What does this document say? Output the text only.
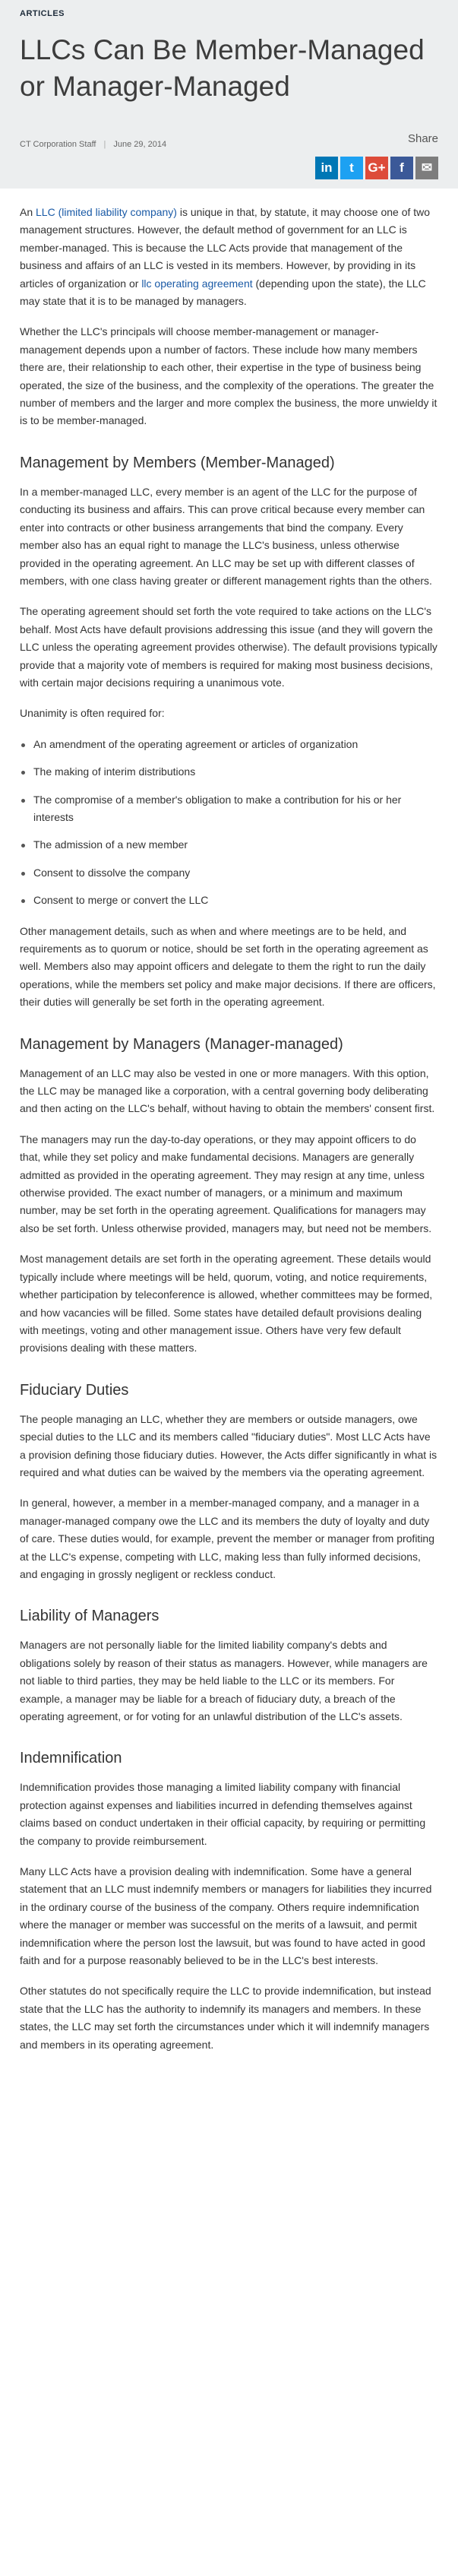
ARTICLES
LLCs Can Be Member-Managed or Manager-Managed
CT Corporation Staff | June 29, 2014	Share
in	t	G+	f	✉

An LLC (limited liability company) is unique in that, by statute, it may choose one of two management structures. However, the default method of government for an LLC is member-managed. This is because the LLC Acts provide that management of the business and affairs of an LLC is vested in its members. However, by providing in its articles of organization or llc operating agreement (depending upon the state), the LLC may state that it is to be managed by managers.

Whether the LLC's principals will choose member-management or manager-management depends upon a number of factors. These include how many members there are, their relationship to each other, their expertise in the type of business being operated, the size of the business, and the complexity of the operations. The greater the number of members and the larger and more complex the business, the more unwieldy it is to be member-managed.

Management by Members (Member-Managed)

In a member-managed LLC, every member is an agent of the LLC for the purpose of conducting its business and affairs. This can prove critical because every member can enter into contracts or other business arrangements that bind the company. Every member also has an equal right to manage the LLC's business, unless otherwise provided in the operating agreement. An LLC may be set up with different classes of members, with one class having greater or different management rights than the others.

The operating agreement should set forth the vote required to take actions on the LLC's behalf. Most Acts have default provisions addressing this issue (and they will govern the LLC unless the operating agreement provides otherwise). The default provisions typically provide that a majority vote of members is required for making most business decisions, with certain major decisions requiring a unanimous vote.

Unanimity is often required for:

An amendment of the operating agreement or articles of organization
The making of interim distributions
The compromise of a member's obligation to make a contribution for his or her interests
The admission of a new member
Consent to dissolve the company
Consent to merge or convert the LLC

Other management details, such as when and where meetings are to be held, and requirements as to quorum or notice, should be set forth in the operating agreement as well. Members also may appoint officers and delegate to them the right to run the daily operations, while the members set policy and make major decisions. If there are officers, their duties will generally be set forth in the operating agreement.

Management by Managers (Manager-managed)

Management of an LLC may also be vested in one or more managers. With this option, the LLC may be managed like a corporation, with a central governing body deliberating and then acting on the LLC's behalf, without having to obtain the members' consent first.

The managers may run the day-to-day operations, or they may appoint officers to do that, while they set policy and make fundamental decisions. Managers are generally admitted as provided in the operating agreement. They may resign at any time, unless otherwise provided. The exact number of managers, or a minimum and maximum number, may be set forth in the operating agreement. Qualifications for managers may also be set forth. Unless otherwise provided, managers may, but need not be members.

Most management details are set forth in the operating agreement. These details would typically include where meetings will be held, quorum, voting, and notice requirements, whether participation by teleconference is allowed, whether committees may be formed, and how vacancies will be filled. Some states have detailed default provisions dealing with meetings, voting and other management issue. Others have very few default provisions dealing with these matters.

Fiduciary Duties

The people managing an LLC, whether they are members or outside managers, owe special duties to the LLC and its members called "fiduciary duties". Most LLC Acts have a provision defining those fiduciary duties. However, the Acts differ significantly in what is required and what duties can be waived by the members via the operating agreement.

In general, however, a member in a member-managed company, and a manager in a manager-managed company owe the LLC and its members the duty of loyalty and duty of care. These duties would, for example, prevent the member or manager from profiting at the LLC's expense, competing with LLC, making less than fully informed decisions, and engaging in grossly negligent or reckless conduct.

Liability of Managers

Managers are not personally liable for the limited liability company's debts and obligations solely by reason of their status as managers. However, while managers are not liable to third parties, they may be held liable to the LLC or its members. For example, a manager may be liable for a breach of fiduciary duty, a breach of the operating agreement, or for voting for an unlawful distribution of the LLC's assets.

Indemnification

Indemnification provides those managing a limited liability company with financial protection against expenses and liabilities incurred in defending themselves against claims based on conduct undertaken in their official capacity, by requiring or permitting the company to provide reimbursement.

Many LLC Acts have a provision dealing with indemnification. Some have a general statement that an LLC must indemnify members or managers for liabilities they incurred in the ordinary course of the business of the company. Others require indemnification where the manager or member was successful on the merits of a lawsuit, and permit indemnification where the person lost the lawsuit, but was found to have acted in good faith and for a purpose reasonably believed to be in the LLC's best interests.

Other statutes do not specifically require the LLC to provide indemnification, but instead state that the LLC has the authority to indemnify its managers and members. In these states, the LLC may set forth the circumstances under which it will indemnify managers and members in its operating agreement.
